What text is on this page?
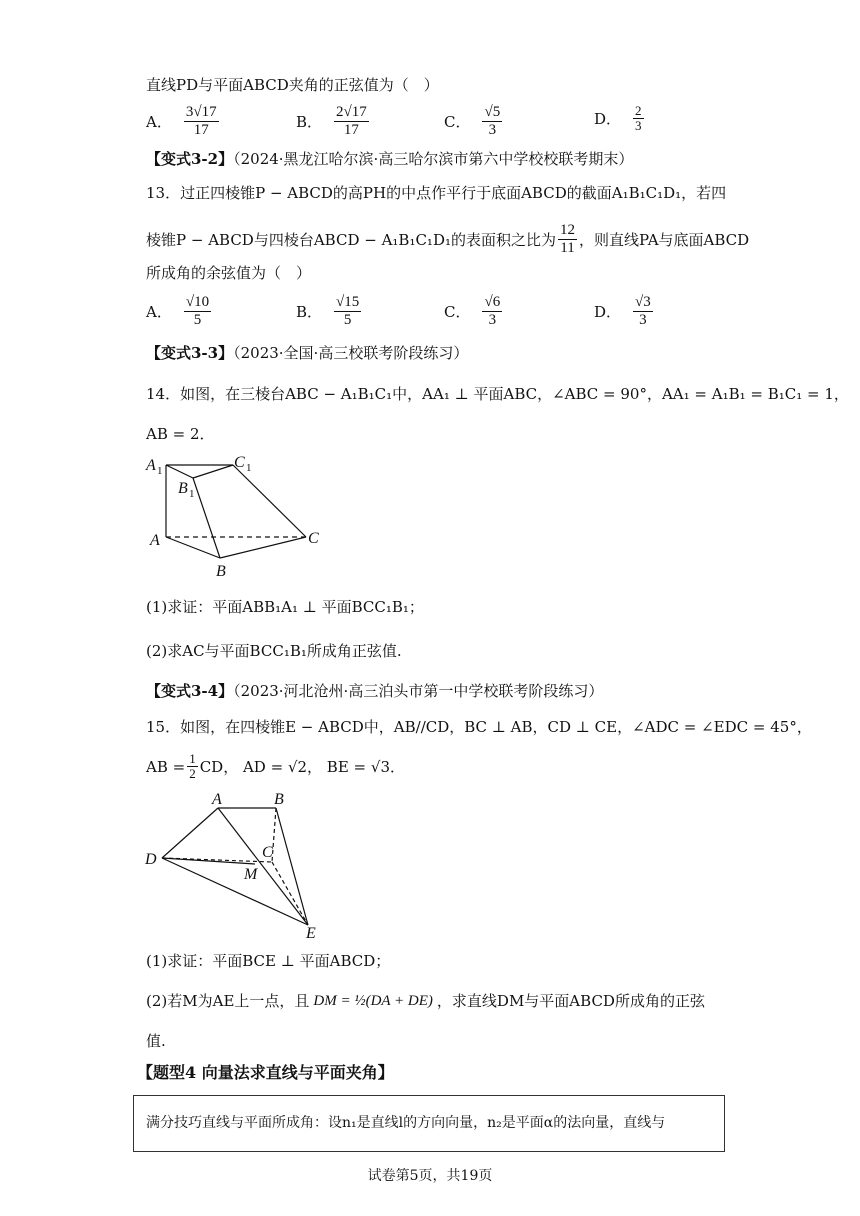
直线PD与平面ABCD夹角的正弦值为（　）
A． $\frac{3√17}{17}$	B． $\frac{2√17}{17}$	C． $\frac{√5}{3}$	D． $\frac{2}{3}$
【变式3-2】（2024·黑龙江哈尔滨·高三哈尔滨市第六中学校校联考期末）
13．过正四棱锥P − ABCD的高PH的中点作平行于底面ABCD的截面A₁B₁C₁D₁，若四
棱锥P − ABCD与四棱台ABCD − A₁B₁C₁D₁的表面积之比为 $\frac{12}{11}$ ，则直线PA与底面ABCD
所成角的余弦值为（　）
A． $\frac{√10}{5}$	B． $\frac{√15}{5}$	C． $\frac{√6}{3}$	D． $\frac{√3}{3}$
【变式3-3】（2023·全国·高三校联考阶段练习）
14．如图，在三棱台ABC − A₁B₁C₁中，AA₁ ⊥ 平面ABC，∠ABC = 90°，AA₁ = A₁B₁ = B₁C₁ = 1，
AB = 2．
A 1
B 1
C 1
A
B
C
(1)求证：平面ABB₁A₁ ⊥ 平面BCC₁B₁；
(2)求AC与平面BCC₁B₁所成角正弦值.
【变式3-4】（2023·河北沧州·高三泊头市第一中学校联考阶段练习）
15．如图，在四棱锥E − ABCD中，AB//CD，BC ⊥ AB，CD ⊥ CE，∠ADC = ∠EDC = 45°，
AB = $\frac{1}{2}$ CD， AD = √2， BE = √3．
A	B
C
D
M
E
(1)求证：平面BCE ⊥ 平面ABCD；
(2)若M为AE上一点，且 DM = ½(DA + DE) ，求直线DM与平面ABCD所成角的正弦
值.
【题型4 向量法求直线与平面夹角】
满分技巧直线与平面所成角：设n₁是直线l的方向向量，n₂是平面α的法向量，直线与
试卷第5页，共19页
